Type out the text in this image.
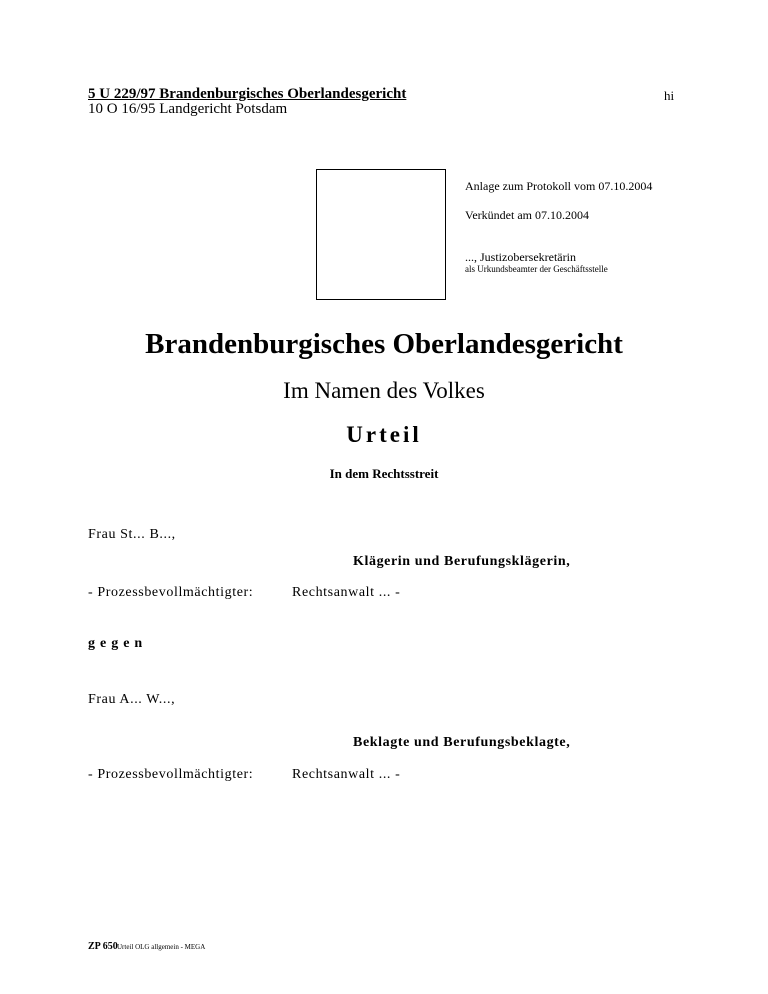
5 U 229/97 Brandenburgisches Oberlandesgericht
10 O 16/95 Landgericht Potsdam
hi
Anlage zum Protokoll vom 07.10.2004
Verkündet am 07.10.2004
..., Justizobersekretärin
als Urkundsbeamter der Geschäftsstelle
Brandenburgisches Oberlandesgericht
Im Namen des Volkes
Urteil
In dem Rechtsstreit
Frau St... B...,
Klägerin und Berufungsklägerin,
- Prozessbevollmächtigter:	Rechtsanwalt ... -
gegen
Frau A... W...,
Beklagte und Berufungsbeklagte,
- Prozessbevollmächtigter:	Rechtsanwalt ... -
ZP 650 Urteil OLG allgemein - MEGA
